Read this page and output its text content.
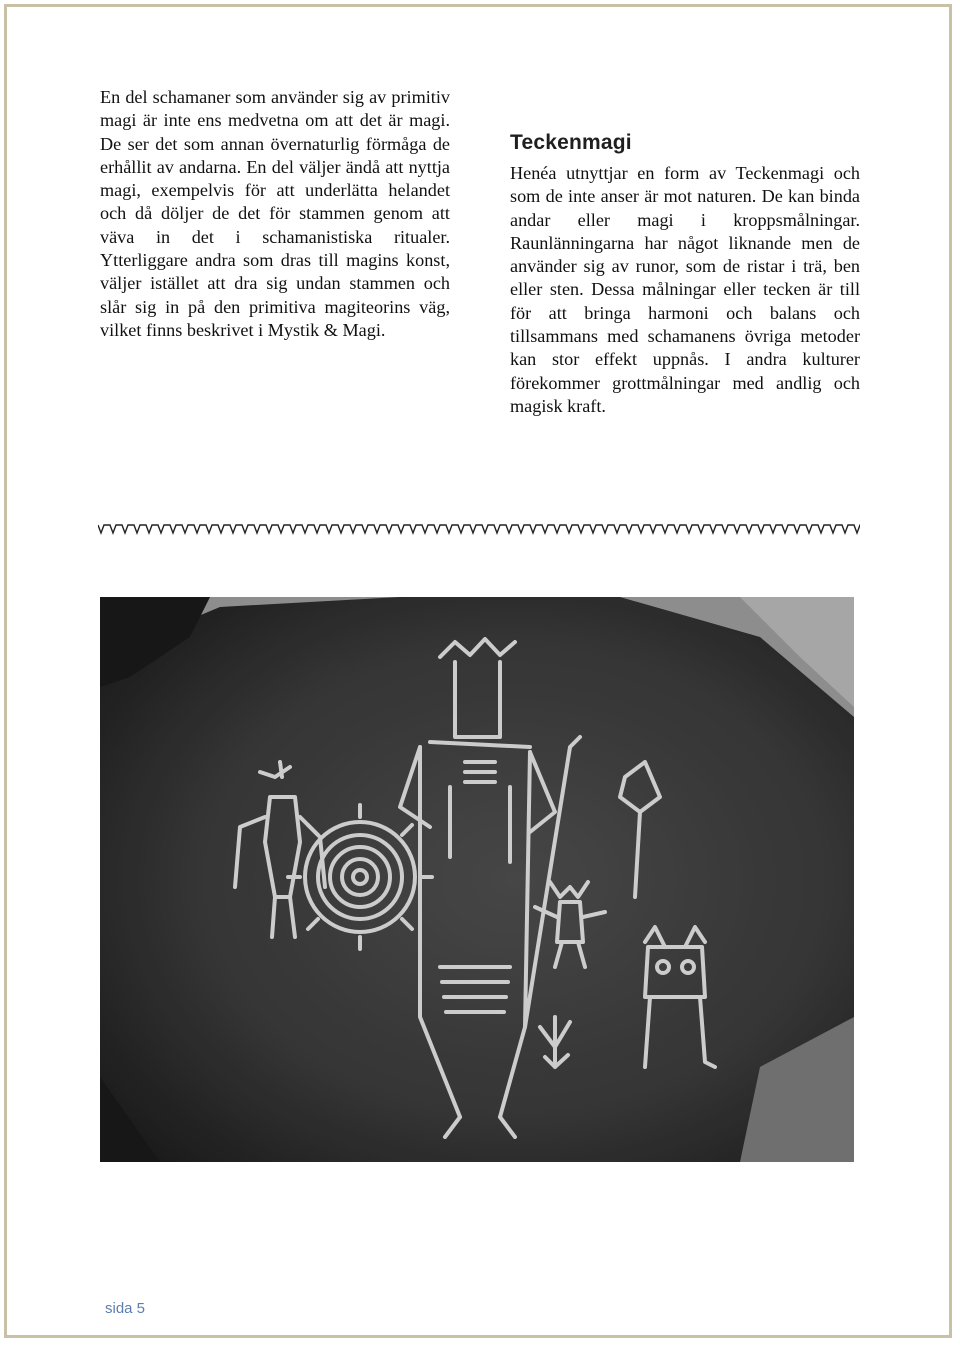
En del schamaner som använder sig av primitiv magi är inte ens medvetna om att det är magi. De ser det som annan övernaturlig förmåga de erhållit av andarna. En del väljer ändå att nyttja magi, exempelvis för att underlätta helandet och då döljer de det för stammen genom att väva in det i schamanistiska ritualer. Ytterliggare andra som dras till magins konst, väljer istället att dra sig undan stammen och slår sig in på den primitiva magiteorins väg, vilket finns beskrivet i Mystik & Magi.

Teckenmagi

Henéa utnyttjar en form av Teckenmagi och som de inte anser är mot naturen. De kan binda andar eller magi i kroppsmålningar. Raunlänningarna har något liknande men de använder sig av runor, som de ristar i trä, ben eller sten. Dessa målningar eller tecken är till för att bringa harmoni och balans och tillsammans med schamanens övriga metoder kan stor effekt uppnås. I andra kulturer förekommer grottmålningar med andlig och magisk kraft.

sida 5
